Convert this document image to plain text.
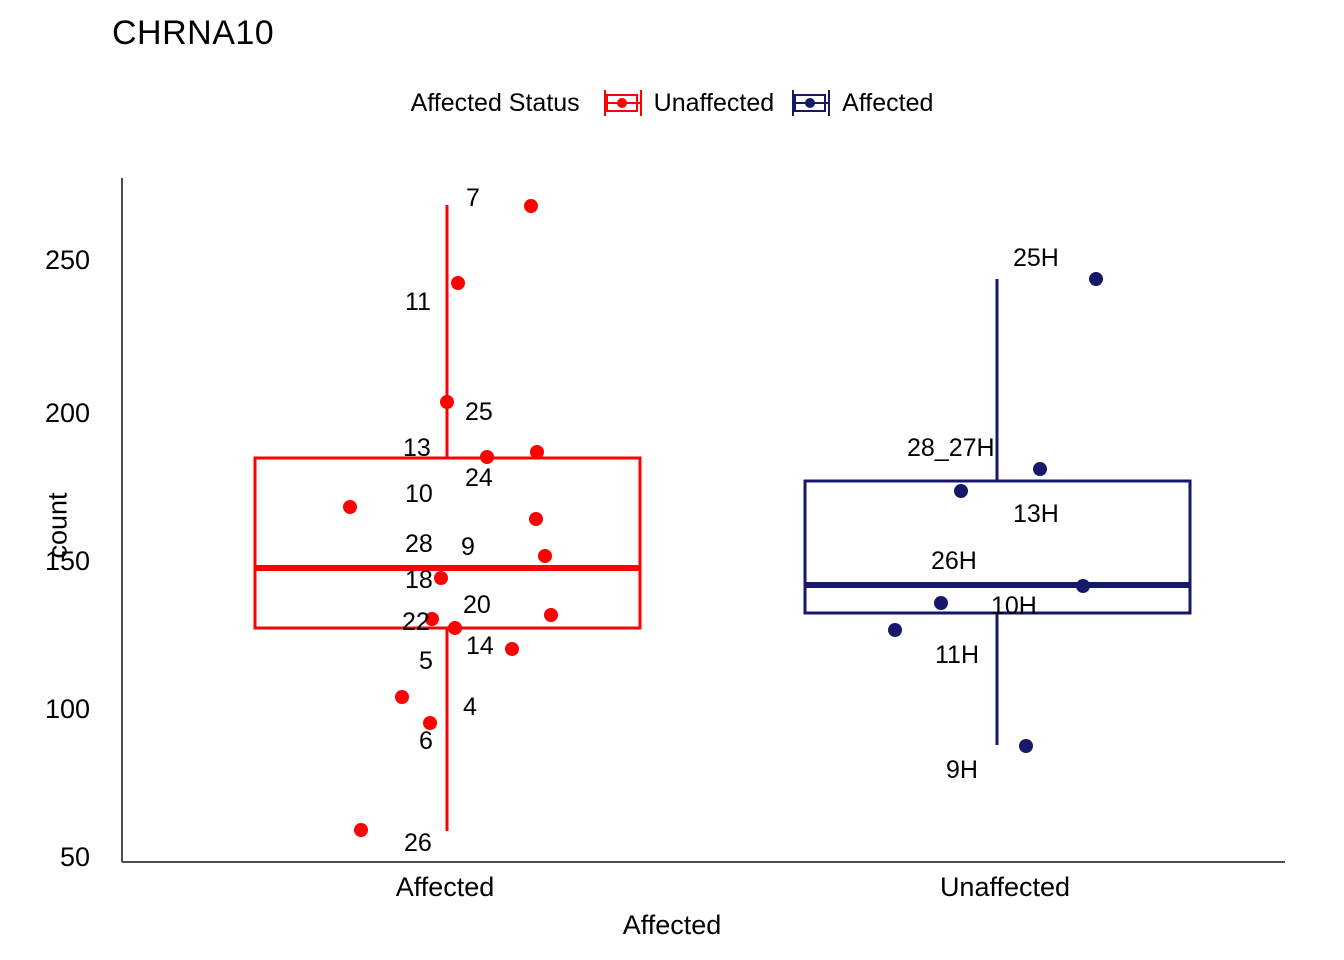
CHRNA10
Affected Status	Unaffected	Affected
count
Affected
250
200
150
100
50
Affected	Unaffected
7
11
25
13
24
10
28 9
18
20
22
14
5
4
6
26
25H
28_27H
13H
26H
10H
11H
9H
